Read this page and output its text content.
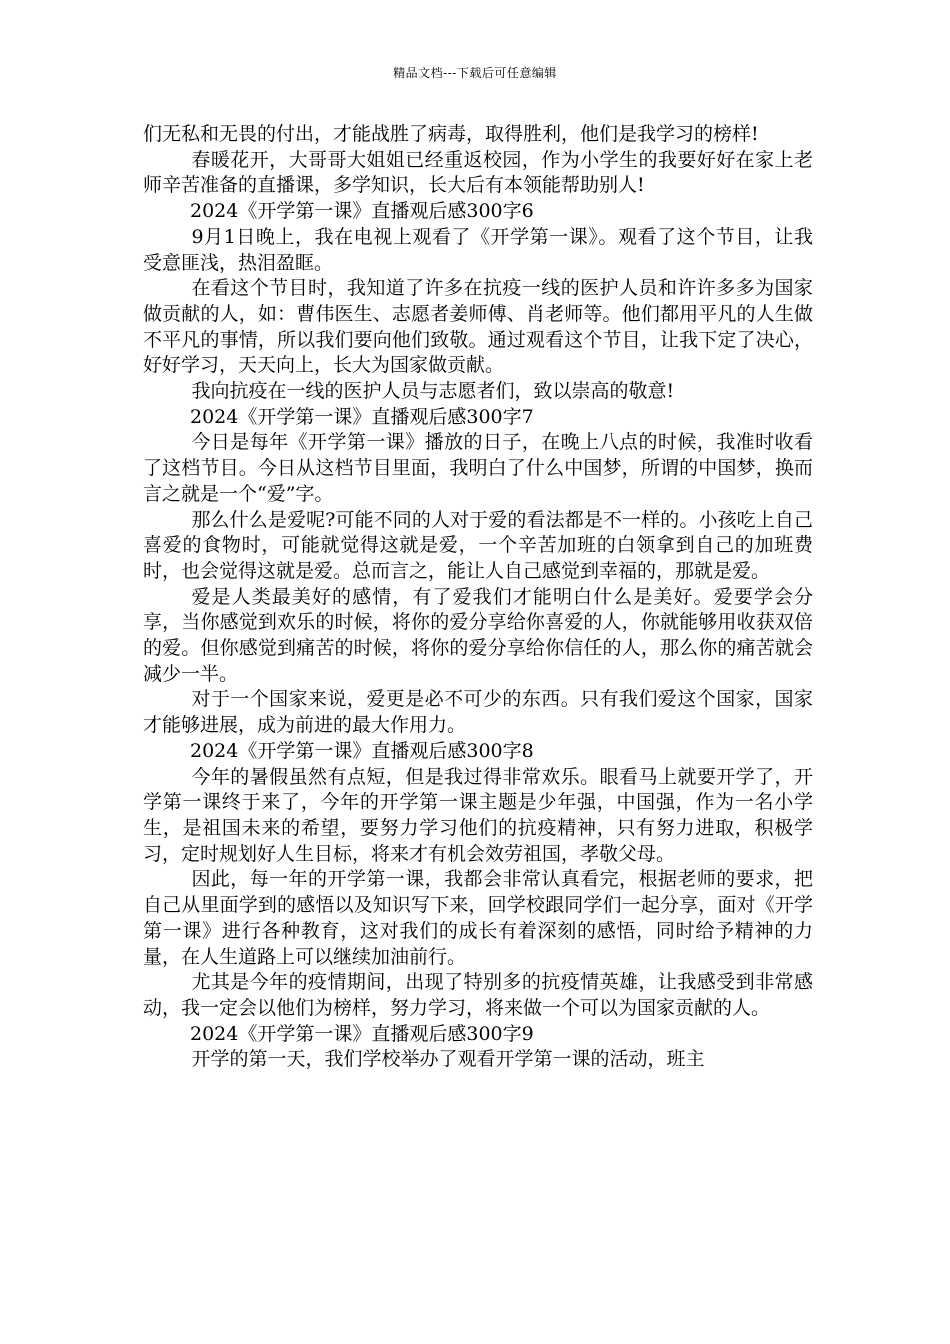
精品文档---下载后可任意编辑

们无私和无畏的付出，才能战胜了病毒，取得胜利，他们是我学习的榜样!

春暖花开，大哥哥大姐姐已经重返校园，作为小学生的我要好好在家上老师辛苦准备的直播课，多学知识，长大后有本领能帮助别人!

2024《开学第一课》直播观后感300字6

9月1日晚上，我在电视上观看了《开学第一课》。观看了这个节目，让我受意匪浅，热泪盈眶。

在看这个节目时，我知道了许多在抗疫一线的医护人员和许许多多为国家做贡献的人，如：曹伟医生、志愿者姜师傅、肖老师等。他们都用平凡的人生做不平凡的事情，所以我们要向他们致敬。通过观看这个节目，让我下定了决心，好好学习，天天向上，长大为国家做贡献。

我向抗疫在一线的医护人员与志愿者们，致以崇高的敬意!

2024《开学第一课》直播观后感300字7

今日是每年《开学第一课》播放的日子，在晚上八点的时候，我准时收看了这档节目。今日从这档节目里面，我明白了什么中国梦，所谓的中国梦，换而言之就是一个“爱”字。

那么什么是爱呢?可能不同的人对于爱的看法都是不一样的。小孩吃上自己喜爱的食物时，可能就觉得这就是爱，一个辛苦加班的白领拿到自己的加班费时，也会觉得这就是爱。总而言之，能让人自己感觉到幸福的，那就是爱。

爱是人类最美好的感情，有了爱我们才能明白什么是美好。爱要学会分享，当你感觉到欢乐的时候，将你的爱分享给你喜爱的人，你就能够用收获双倍的爱。但你感觉到痛苦的时候，将你的爱分享给你信任的人，那么你的痛苦就会减少一半。

对于一个国家来说，爱更是必不可少的东西。只有我们爱这个国家，国家才能够进展，成为前进的最大作用力。

2024《开学第一课》直播观后感300字8

今年的暑假虽然有点短，但是我过得非常欢乐。眼看马上就要开学了，开学第一课终于来了，今年的开学第一课主题是少年强，中国强，作为一名小学生，是祖国未来的希望，要努力学习他们的抗疫精神，只有努力进取，积极学习，定时规划好人生目标，将来才有机会效劳祖国，孝敬父母。

因此，每一年的开学第一课，我都会非常认真看完，根据老师的要求，把自己从里面学到的感悟以及知识写下来，回学校跟同学们一起分享，面对《开学第一课》进行各种教育，这对我们的成长有着深刻的感悟，同时给予精神的力量，在人生道路上可以继续加油前行。

尤其是今年的疫情期间，出现了特别多的抗疫情英雄，让我感受到非常感动，我一定会以他们为榜样，努力学习，将来做一个可以为国家贡献的人。

2024《开学第一课》直播观后感300字9

开学的第一天，我们学校举办了观看开学第一课的活动，班主
